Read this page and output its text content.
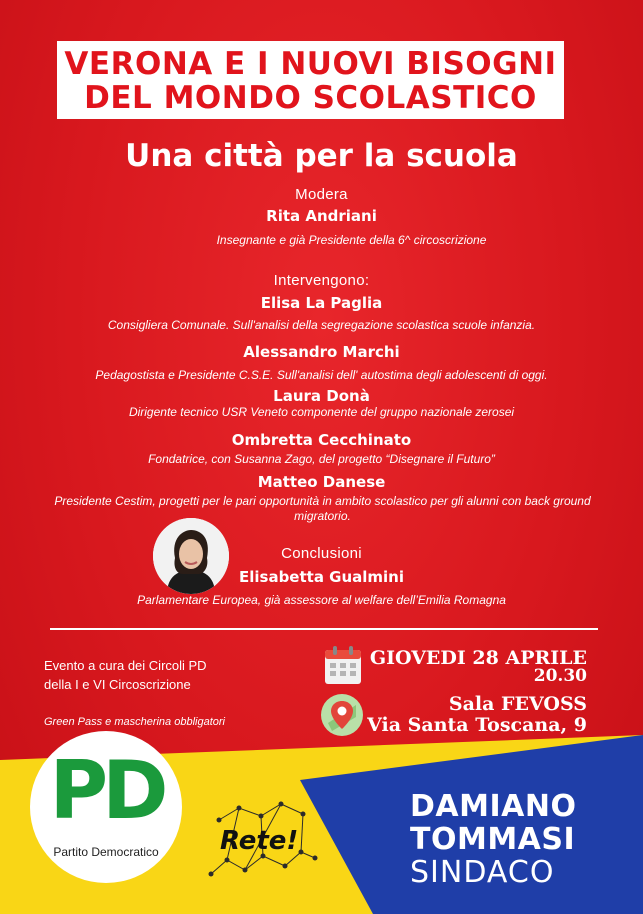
VERONA E I NUOVI BISOGNI
DEL MONDO SCOLASTICO
Una città per la scuola
Modera
Rita Andriani
Insegnante e già Presidente della 6^ circoscrizione
Intervengono:
Elisa La Paglia
Consigliera Comunale. Sull'analisi della segregazione scolastica scuole infanzia.
Alessandro Marchi
Pedagostista e Presidente C.S.E. Sull'analisi dell' autostima degli adolescenti di oggi.
Laura Donà
Dirigente tecnico USR Veneto componente del gruppo nazionale zerosei
Ombretta Cecchinato
Fondatrice, con Susanna Zago, del progetto “Disegnare il Futuro”
Matteo Danese
Presidente Cestim, progetti per le pari opportunità in ambito scolastico per gli alunni con back ground migratorio.
Conclusioni
Elisabetta Gualmini
Parlamentare Europea, già assessore al welfare dell’Emilia Romagna
Evento a cura dei Circoli PD
della I e VI Circoscrizione
Green Pass e mascherina obbligatori
GIOVEDI 28 APRILE
20.30
Sala FEVOSS
Via Santa Toscana, 9
PD
Partito Democratico	Rete!
DAMIANO
TOMMASI
SINDACO
